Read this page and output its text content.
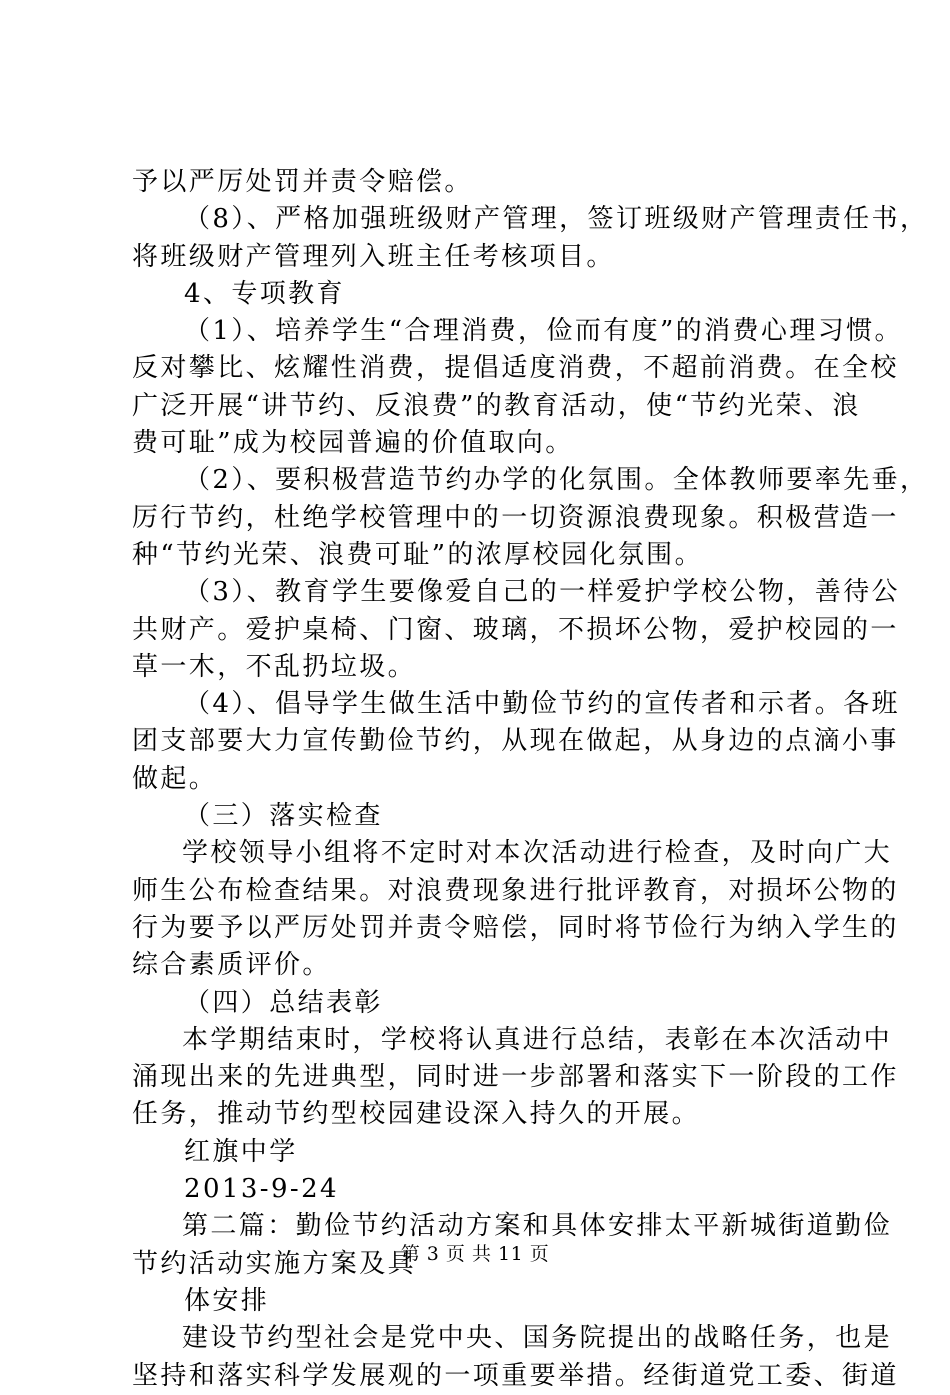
予以严厉处罚并责令赔偿。
（8）、严格加强班级财产管理，签订班级财产管理责任书，
将班级财产管理列入班主任考核项目。
4、专项教育
（1）、培养学生“合理消费，俭而有度”的消费心理习惯。
反对攀比、炫耀性消费，提倡适度消费，不超前消费。在全校
广泛开展“讲节约、反浪费”的教育活动，使“节约光荣、浪
费可耻”成为校园普遍的价值取向。
（2）、要积极营造节约办学的化氛围。全体教师要率先垂，
厉行节约，杜绝学校管理中的一切资源浪费现象。积极营造一
种“节约光荣、浪费可耻”的浓厚校园化氛围。
（3）、教育学生要像爱自己的一样爱护学校公物，善待公
共财产。爱护桌椅、门窗、玻璃，不损坏公物，爱护校园的一
草一木，不乱扔垃圾。
（4）、倡导学生做生活中勤俭节约的宣传者和示者。各班
团支部要大力宣传勤俭节约，从现在做起，从身边的点滴小事
做起。
（三）落实检查
学校领导小组将不定时对本次活动进行检查，及时向广大
师生公布检查结果。对浪费现象进行批评教育，对损坏公物的
行为要予以严厉处罚并责令赔偿，同时将节俭行为纳入学生的
综合素质评价。
（四）总结表彰
本学期结束时，学校将认真进行总结，表彰在本次活动中
涌现出来的先进典型，同时进一步部署和落实下一阶段的工作
任务，推动节约型校园建设深入持久的开展。
红旗中学
2013-9-24
第二篇：勤俭节约活动方案和具体安排太平新城街道勤俭
节约活动实施方案及具
体安排
建设节约型社会是党中央、国务院提出的战略任务，也是
坚持和落实科学发展观的一项重要举措。经街道党工委、街道
第 3 页 共 11 页
